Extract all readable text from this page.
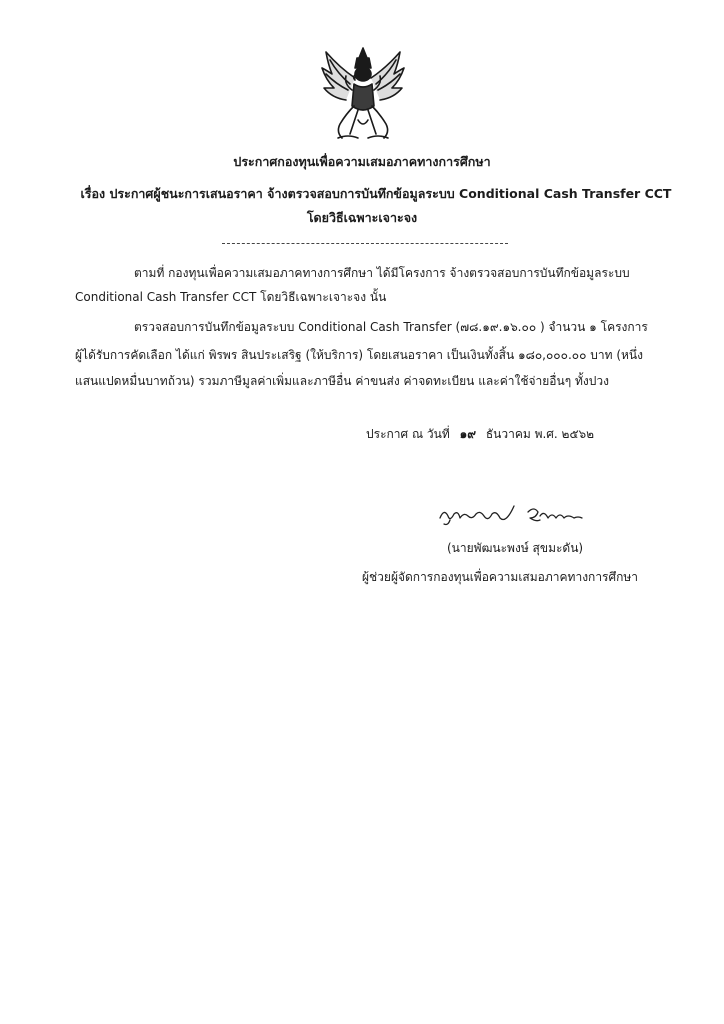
ประกาศกองทุนเพื่อความเสมอภาคทางการศึกษา
เรื่อง ประกาศผู้ชนะการเสนอราคา จ้างตรวจสอบการบันทึกข้อมูลระบบ Conditional Cash Transfer CCT
โดยวิธีเฉพาะเจาะจง
ตามที่ กองทุนเพื่อความเสมอภาคทางการศึกษา ได้มีโครงการ จ้างตรวจสอบการบันทึกข้อมูลระบบ
Conditional Cash Transfer CCT โดยวิธีเฉพาะเจาะจง นั้น
ตรวจสอบการบันทึกข้อมูลระบบ Conditional Cash Transfer (๗๘.๑๙.๑๖.๐๐ ) จำนวน ๑ โครงการ
ผู้ได้รับการคัดเลือก ได้แก่ พิรพร สินประเสริฐ (ให้บริการ) โดยเสนอราคา เป็นเงินทั้งสิ้น ๑๘๐,๐๐๐.๐๐ บาท (หนึ่ง
แสนแปดหมื่นบาทถ้วน) รวมภาษีมูลค่าเพิ่มและภาษีอื่น ค่าขนส่ง ค่าจดทะเบียน และค่าใช้จ่ายอื่นๆ ทั้งปวง
ประกาศ ณ วันที่ ๑๙ ธันวาคม พ.ศ. ๒๕๖๒
(นายพัฒนะพงษ์ สุขมะดัน)
ผู้ช่วยผู้จัดการกองทุนเพื่อความเสมอภาคทางการศึกษา
